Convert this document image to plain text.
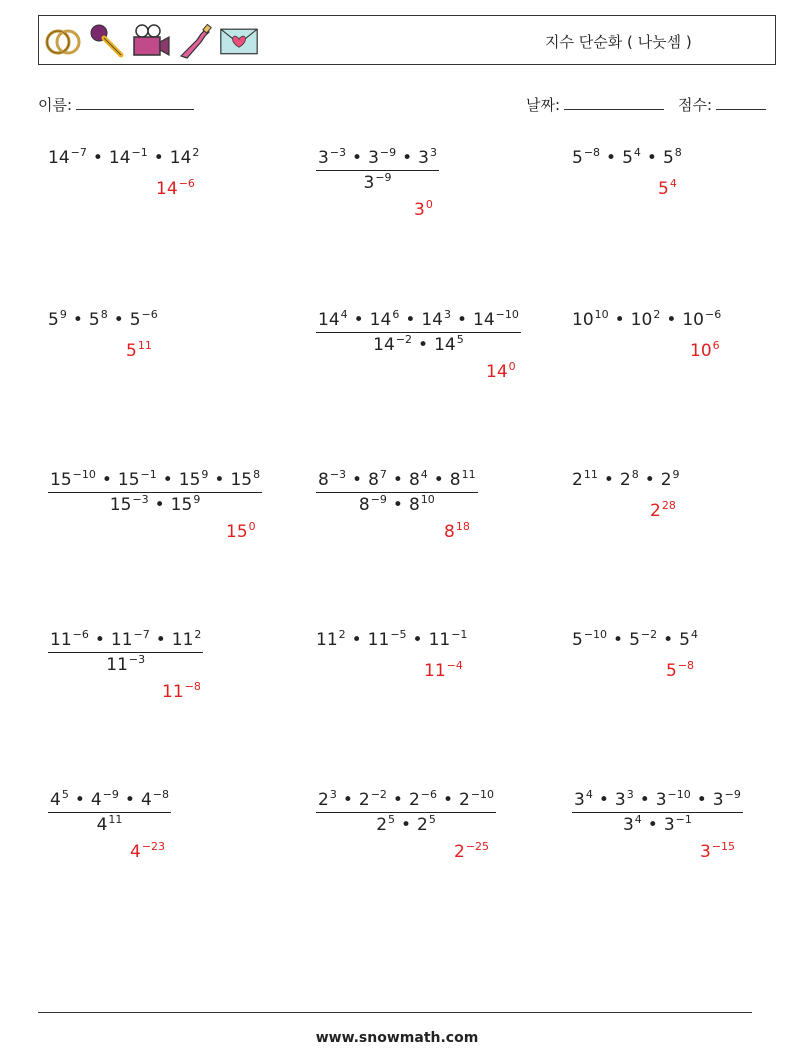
지수 단순화 ( 나눗셈 )
이름:	날짜:	점수:
$14^{-7}$ • $14^{-1}$ • $14^2$
$14^{-6}$	$\frac{3^{-3} • 3^{-9} • 3^3}{3^{-9}}$
$3^0$
$5^{-8}$ • $5^4$ • $5^8$
$5^4$
$5^9$ • $5^8$ • $5^{-6}$
$5^{11}$	$\frac{14^4 • 14^6 • 14^3 • 14^{-10}}{14^{-2} • 14^5}$
$14^0$
$10^{10}$ • $10^2$ • $10^{-6}$
$10^6$
$\frac{15^{-10} • 15^{-1} • 15^9 • 15^8}{15^{-3} • 15^9}$
$15^0$
$\frac{8^{-3} • 8^7 • 8^4 • 8^{11}}{8^{-9} • 8^{10}}$
$8^{18}$
$2^{11}$ • $2^8$ • $2^9$
$2^{28}$
$\frac{11^{-6} • 11^{-7} • 11^2}{11^{-3}}$
$11^{-8}$
$11^2$ • $11^{-5}$ • $11^{-1}$
$11^{-4}$
$5^{-10}$ • $5^{-2}$ • $5^4$
$5^{-8}$
$\frac{4^5 • 4^{-9} • 4^{-8}}{4^{11}}$
$4^{-23}$
$\frac{2^3 • 2^{-2} • 2^{-6} • 2^{-10}}{2^5 • 2^5}$
$2^{-25}$
$\frac{3^4 • 3^3 • 3^{-10} • 3^{-9}}{3^4 • 3^{-1}}$
$3^{-15}$
www.snowmath.com
